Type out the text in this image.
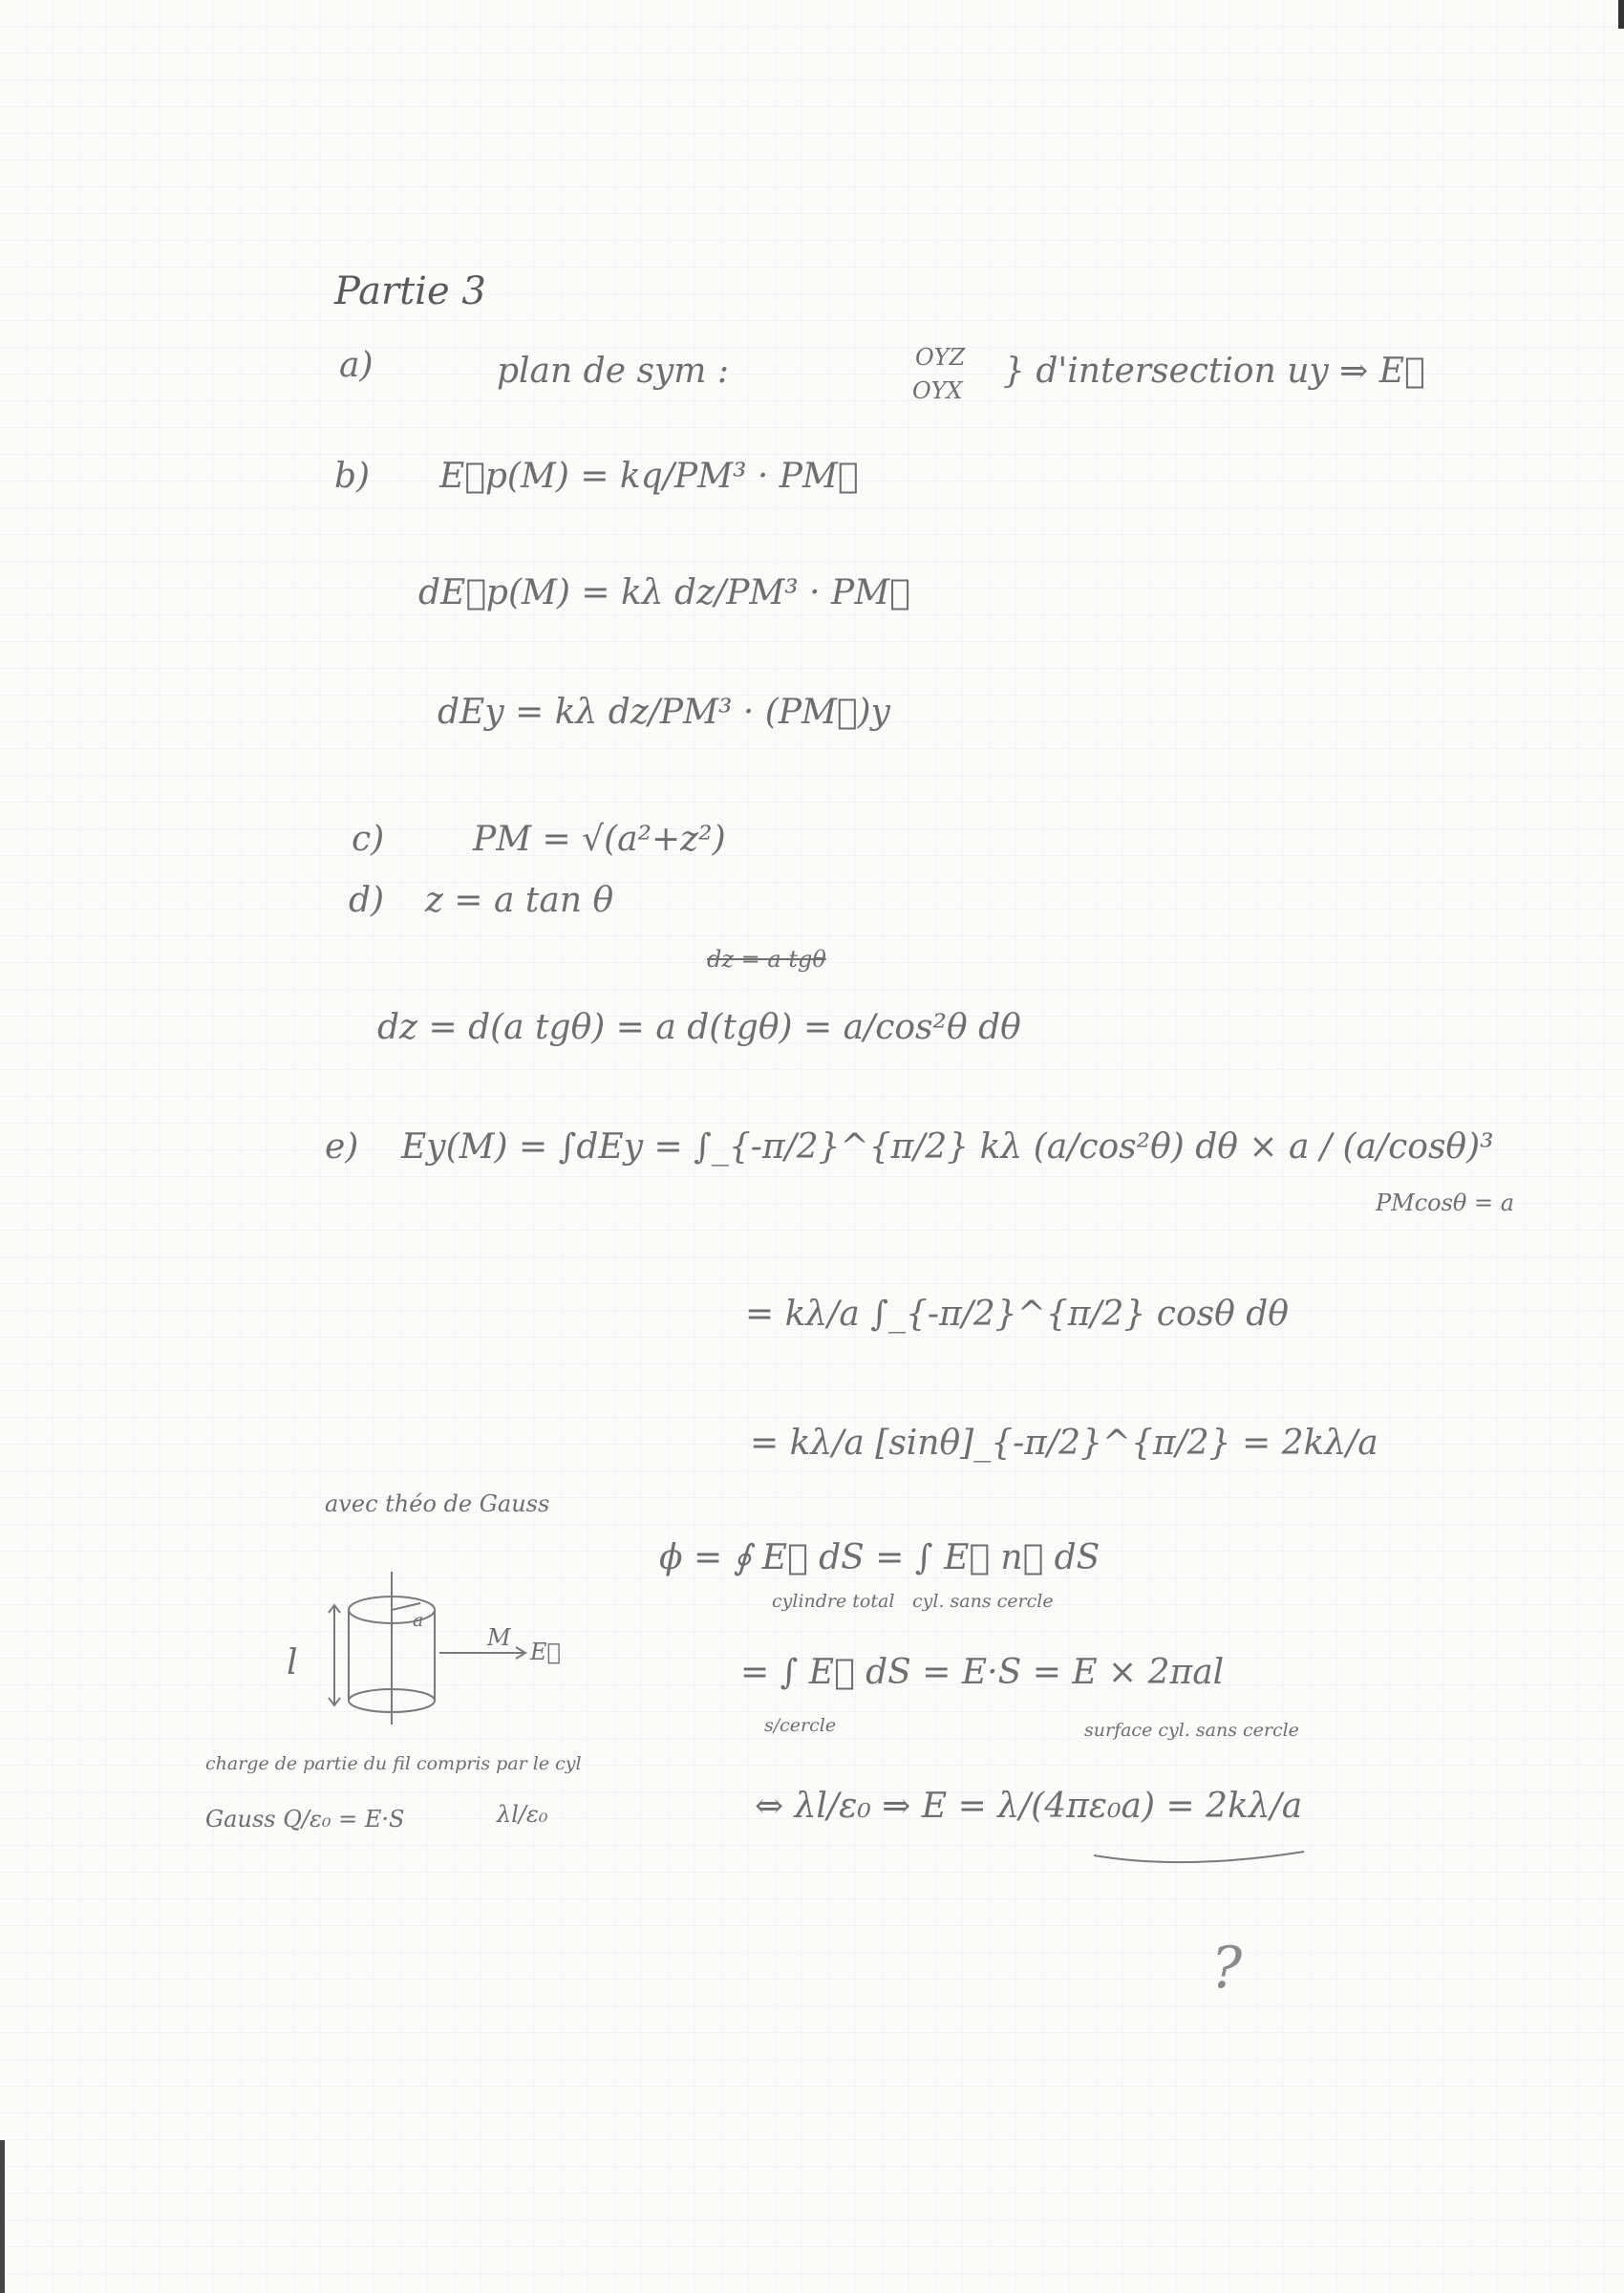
Partie 3
a)	plan de sym :	OYZ
OYX } d'intersection uy ⇒ E⃗
b) E⃗p(M) = kq/PM³ · PM⃗
dE⃗p(M) = kλ dz/PM³ · PM⃗
dEy = kλ dz/PM³ · (PM⃗)y
c)	PM = √(a²+z²)
d) z = a tan θ
dz = a tgθ
dz = d(a tgθ) = a d(tgθ) = a/cos²θ dθ
e) Ey(M) = ∫dEy = ∫_{-π/2}^{π/2} kλ (a/cos²θ) dθ × a / (a/cosθ)³
PMcosθ = a
= kλ/a ∫_{-π/2}^{π/2} cosθ dθ
= kλ/a [sinθ]_{-π/2}^{π/2} = 2kλ/a
avec théo de Gauss
ϕ = ∮ E⃗ dS = ∫ E⃗ n⃗ dS
cylindre total cyl. sans cercle
= ∫ E⃗ dS = E·S = E × 2πal
s/cercle	surface cyl. sans cercle
⇔ λl/ε₀ ⇒ E = λ/(4πε₀a) = 2kλ/a
l
a
M
E⃗
charge de partie du fil compris par le cyl
Gauss Q/ε₀ = E·S	λl/ε₀
?
